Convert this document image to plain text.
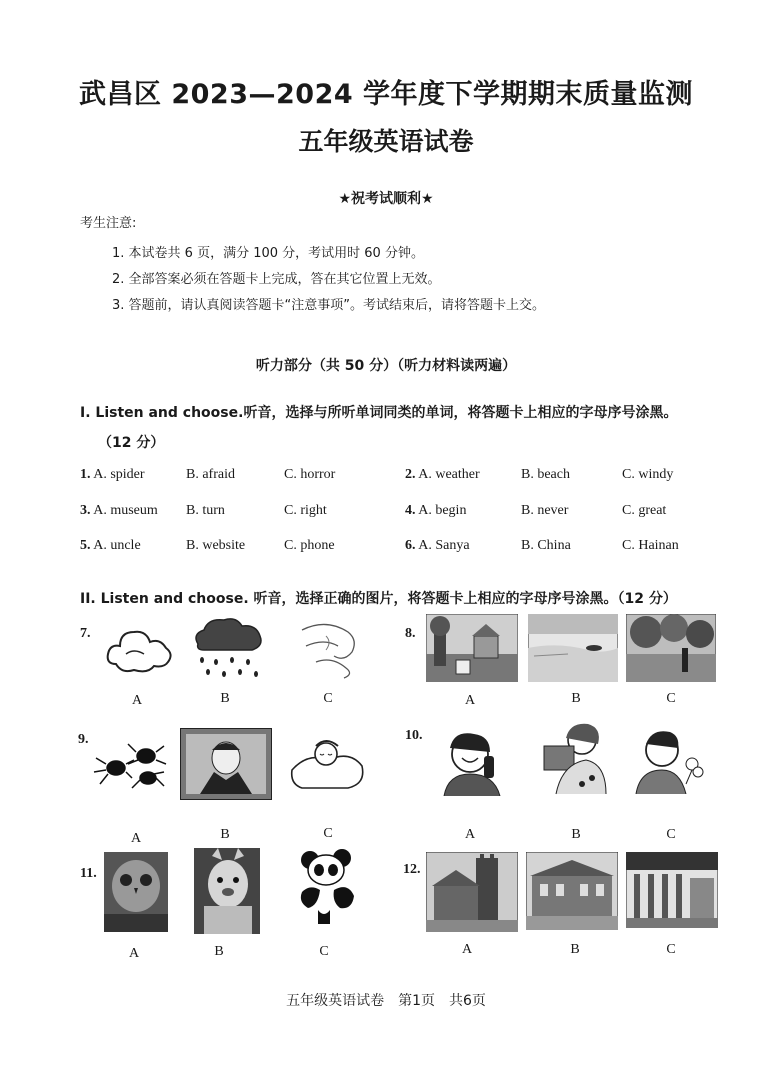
武昌区 2023—2024 学年度下学期期末质量监测
五年级英语试卷
★祝考试顺利★
考生注意:
1. 本试卷共 6 页，满分 100 分，考试用时 60 分钟。
2. 全部答案必须在答题卡上完成，答在其它位置上无效。
3. 答题前，请认真阅读答题卡“注意事项”。考试结束后，请将答题卡上交。
听力部分（共 50 分）（听力材料读两遍）
I. Listen and choose.听音，选择与所听单词同类的单词，将答题卡上相应的字母序号涂黑。
（12 分）
1. A. spider	B. afraid	C. horror	2. A. weather	B. beach	C. windy
3. A. museum B. turn	C. right	4. A. begin	B. never	C. great
5. A. uncle	B. website	C. phone	6. A. Sanya	B. China	C. Hainan
II. Listen and choose. 听音，选择正确的图片，将答题卡上相应的字母序号涂黑。（12 分）
7.	8.
9.	10.
11.	12.
A	B	C	A	B	C
A	B	C	A	B	C
A	B	C	A	B	C
五年级英语试卷　第1页　共6页
